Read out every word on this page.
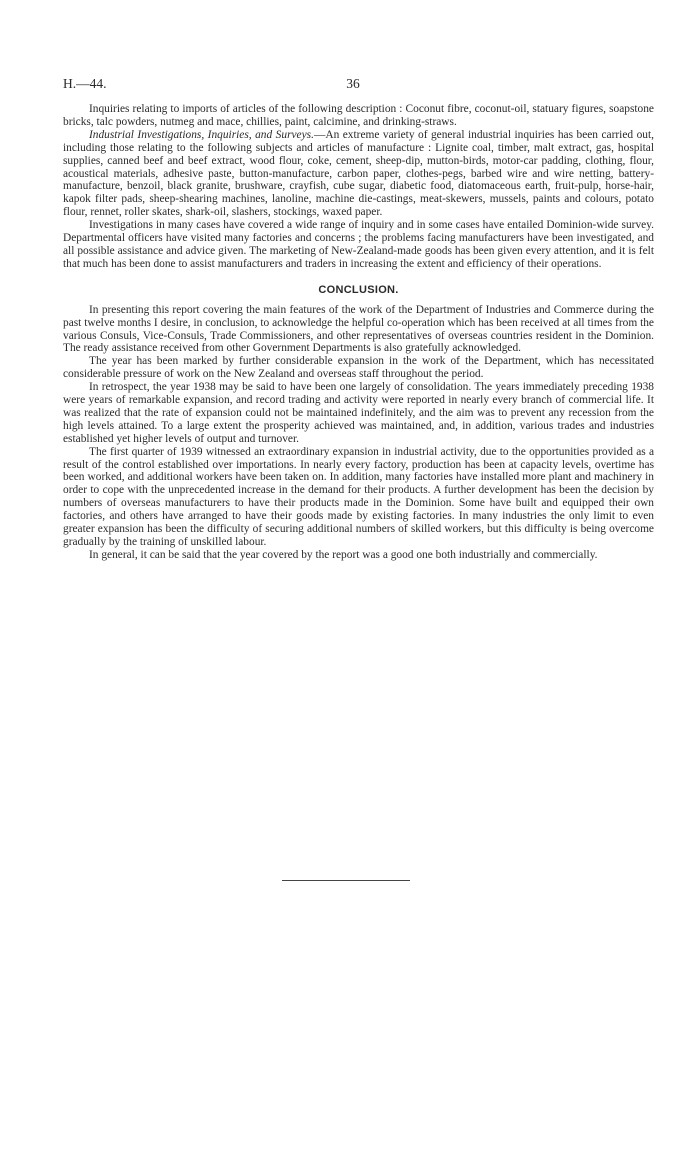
H.—44.	36

Inquiries relating to imports of articles of the following description : Coconut fibre, coconut-oil, statuary figures, soapstone bricks, talc powders, nutmeg and mace, chillies, paint, calcimine, and drinking-straws.

Industrial Investigations, Inquiries, and Surveys.—An extreme variety of general industrial inquiries has been carried out, including those relating to the following subjects and articles of manufacture : Lignite coal, timber, malt extract, gas, hospital supplies, canned beef and beef extract, wood flour, coke, cement, sheep-dip, mutton-birds, motor-car padding, clothing, flour, acoustical materials, adhesive paste, button-manufacture, carbon paper, clothes-pegs, barbed wire and wire netting, battery-manufacture, benzoil, black granite, brushware, crayfish, cube sugar, diabetic food, diatomaceous earth, fruit-pulp, horse-hair, kapok filter pads, sheep-shearing machines, lanoline, machine die-castings, meat-skewers, mussels, paints and colours, potato flour, rennet, roller skates, shark-oil, slashers, stockings, waxed paper.

Investigations in many cases have covered a wide range of inquiry and in some cases have entailed Dominion-wide survey. Departmental officers have visited many factories and concerns ; the problems facing manufacturers have been investigated, and all possible assistance and advice given. The marketing of New-Zealand-made goods has been given every attention, and it is felt that much has been done to assist manufacturers and traders in increasing the extent and efficiency of their operations.

CONCLUSION.

In presenting this report covering the main features of the work of the Department of Industries and Commerce during the past twelve months I desire, in conclusion, to acknowledge the helpful co-operation which has been received at all times from the various Consuls, Vice-Consuls, Trade Commissioners, and other representatives of overseas countries resident in the Dominion. The ready assistance received from other Government Departments is also gratefully acknowledged.

The year has been marked by further considerable expansion in the work of the Department, which has necessitated considerable pressure of work on the New Zealand and overseas staff throughout the period.

In retrospect, the year 1938 may be said to have been one largely of consolidation. The years immediately preceding 1938 were years of remarkable expansion, and record trading and activity were reported in nearly every branch of commercial life. It was realized that the rate of expansion could not be maintained indefinitely, and the aim was to prevent any recession from the high levels attained. To a large extent the prosperity achieved was maintained, and, in addition, various trades and industries established yet higher levels of output and turnover.

The first quarter of 1939 witnessed an extraordinary expansion in industrial activity, due to the opportunities provided as a result of the control established over importations. In nearly every factory, production has been at capacity levels, overtime has been worked, and additional workers have been taken on. In addition, many factories have installed more plant and machinery in order to cope with the unprecedented increase in the demand for their products. A further development has been the decision by numbers of overseas manufacturers to have their products made in the Dominion. Some have built and equipped their own factories, and others have arranged to have their goods made by existing factories. In many industries the only limit to even greater expansion has been the difficulty of securing additional numbers of skilled workers, but this difficulty is being overcome gradually by the training of unskilled labour.

In general, it can be said that the year covered by the report was a good one both industrially and commercially.
